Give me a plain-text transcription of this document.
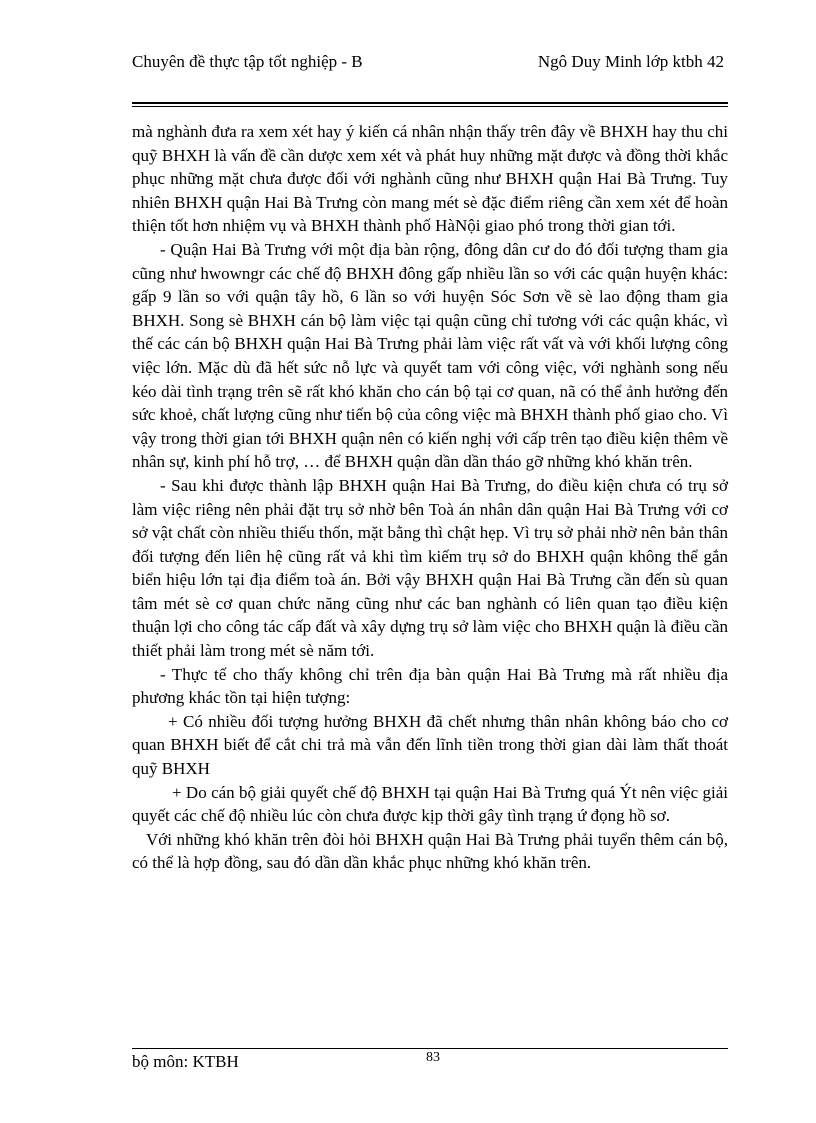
Chuyên đề thực tập tốt nghiệp - B	Ngô Duy Minh lớp ktbh 42

mà nghành đưa ra xem xét hay ý kiến cá nhân nhận thấy trên đây về BHXH hay thu chi quỹ BHXH là vấn đề cần dược xem xét và phát huy những mặt được và đồng thời khắc phục những mặt chưa được đối với nghành cũng như BHXH quận Hai Bà Trưng. Tuy nhiên BHXH quận Hai Bà Trưng còn mang mét sè đặc điểm riêng cần xem xét để hoàn thiện tốt hơn nhiệm vụ và BHXH thành phố HàNội giao phó trong thời gian tới.

- Quận Hai Bà Trưng với một địa bàn rộng, đông dân cư do đó đối tượng tham gia cũng như hwowngr các chế độ BHXH đông gấp nhiều lần so với các quận huyện khác: gấp 9 lần so với quận tây hồ, 6 lần so với huyện Sóc Sơn về sè lao động tham gia BHXH. Song sè BHXH cán bộ làm việc tại quận cũng chỉ tương với các quận khác, vì thế các cán bộ BHXH quận Hai Bà Trưng phải làm việc rất vất và với khối lượng công việc lớn. Mặc dù đã hết sức nỗ lực và quyết tam với công việc, với nghành song nếu kéo dài tình trạng trên sẽ rất khó khăn cho cán bộ tại cơ quan, nã có thể ảnh hưởng đến sức khoẻ, chất lượng cũng như tiến bộ của công việc mà BHXH thành phố giao cho. Vì vậy trong thời gian tới BHXH quận nên có kiến nghị với cấp trên tạo điều kiện thêm về nhân sự, kinh phí hỗ trợ, … để BHXH quận dần dần tháo gỡ những khó khăn trên.

- Sau khi được thành lập BHXH quận Hai Bà Trưng, do điều kiện chưa có trụ sở làm việc riêng nên phải đặt trụ sở nhờ bên Toà án nhân dân quận Hai Bà Trưng với cơ sở vật chất còn nhiều thiếu thốn, mặt bằng thì chật hẹp. Vì trụ sở phải nhờ nên bản thân đối tượng đến liên hệ cũng rất vả khi tìm kiếm trụ sở do BHXH quận không thể gắn biển hiệu lớn tại địa điểm toà án. Bởi vậy BHXH quận Hai Bà Trưng cần đến sù quan tâm mét sè cơ quan chức năng cũng như các ban nghành có liên quan tạo điều kiện thuận lợi cho công tác cấp đất và xây dựng trụ sở làm việc cho BHXH quận là điều cần thiết phải làm trong mét sè năm tới.

- Thực tế cho thấy không chỉ trên địa bàn quận Hai Bà Trưng mà rất nhiều địa phương khác tồn tại hiện tượng:

+ Có nhiều đối tượng hưởng BHXH đã chết nhưng thân nhân không báo cho cơ quan BHXH biết để cắt chi trả mà vẫn đến lĩnh tiền trong thời gian dài làm thất thoát quỹ BHXH

+ Do cán bộ giải quyết chế độ BHXH tại quận Hai Bà Trưng quá Ýt nên việc giải quyết các chế độ nhiều lúc còn chưa được kịp thời gây tình trạng ứ đọng hồ sơ.

Với những khó khăn trên đòi hỏi BHXH quận Hai Bà Trưng phải tuyển thêm cán bộ, có thể là hợp đồng, sau đó dần dần khắc phục những khó khăn trên.

bộ môn: KTBH	83
